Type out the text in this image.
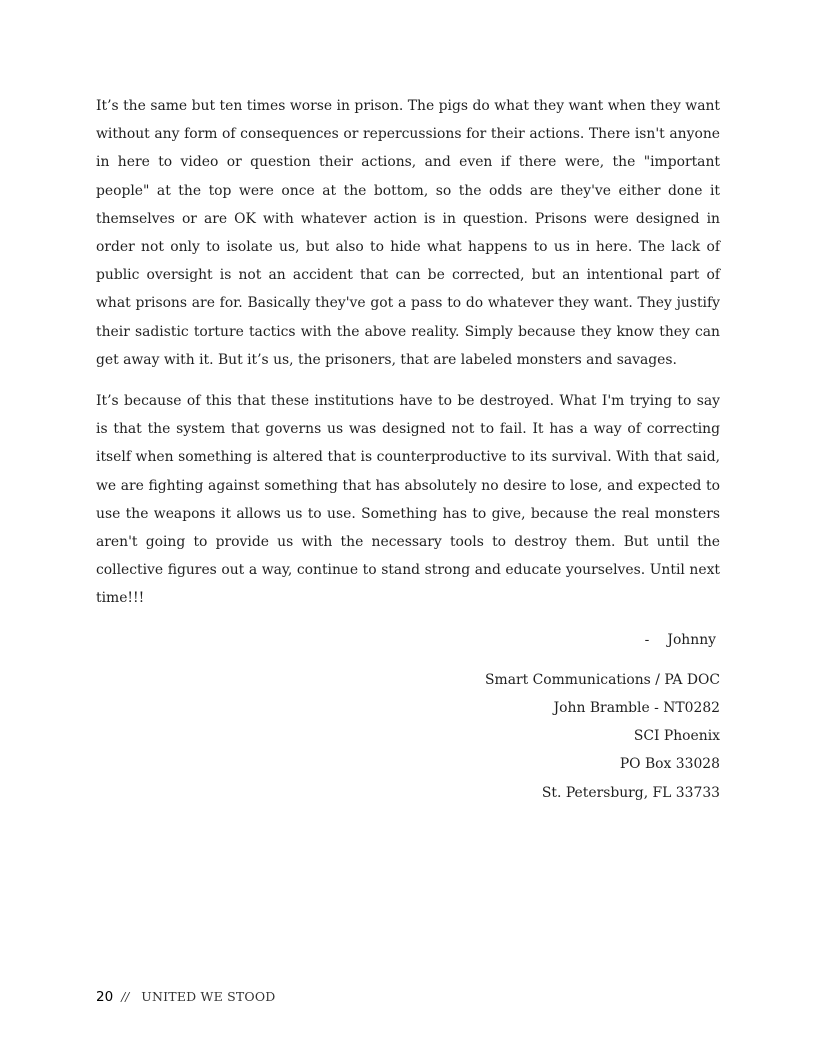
It’s the same but ten times worse in prison. The pigs do what they want when they want without any form of consequences or repercussions for their actions. There isn't anyone in here to video or question their actions, and even if there were, the "important people" at the top were once at the bottom, so the odds are they've either done it themselves or are OK with whatever action is in question. Prisons were designed in order not only to isolate us, but also to hide what happens to us in here. The lack of public oversight is not an accident that can be corrected, but an intentional part of what prisons are for. Basically they've got a pass to do whatever they want. They justify their sadistic torture tactics with the above reality. Simply because they know they can get away with it. But it’s us, the prisoners, that are labeled monsters and savages.

It’s because of this that these institutions have to be destroyed. What I'm trying to say is that the system that governs us was designed not to fail. It has a way of correcting itself when something is altered that is counterproductive to its survival. With that said, we are fighting against something that has absolutely no desire to lose, and expected to use the weapons it allows us to use. Something has to give, because the real monsters aren't going to provide us with the necessary tools to destroy them. But until the collective figures out a way, continue to stand strong and educate yourselves. Until next time!!!

- Johnny
Smart Communications / PA DOC
John Bramble - NT0282
SCI Phoenix
PO Box 33028
St. Petersburg, FL 33733
20 // UNITED WE STOOD
